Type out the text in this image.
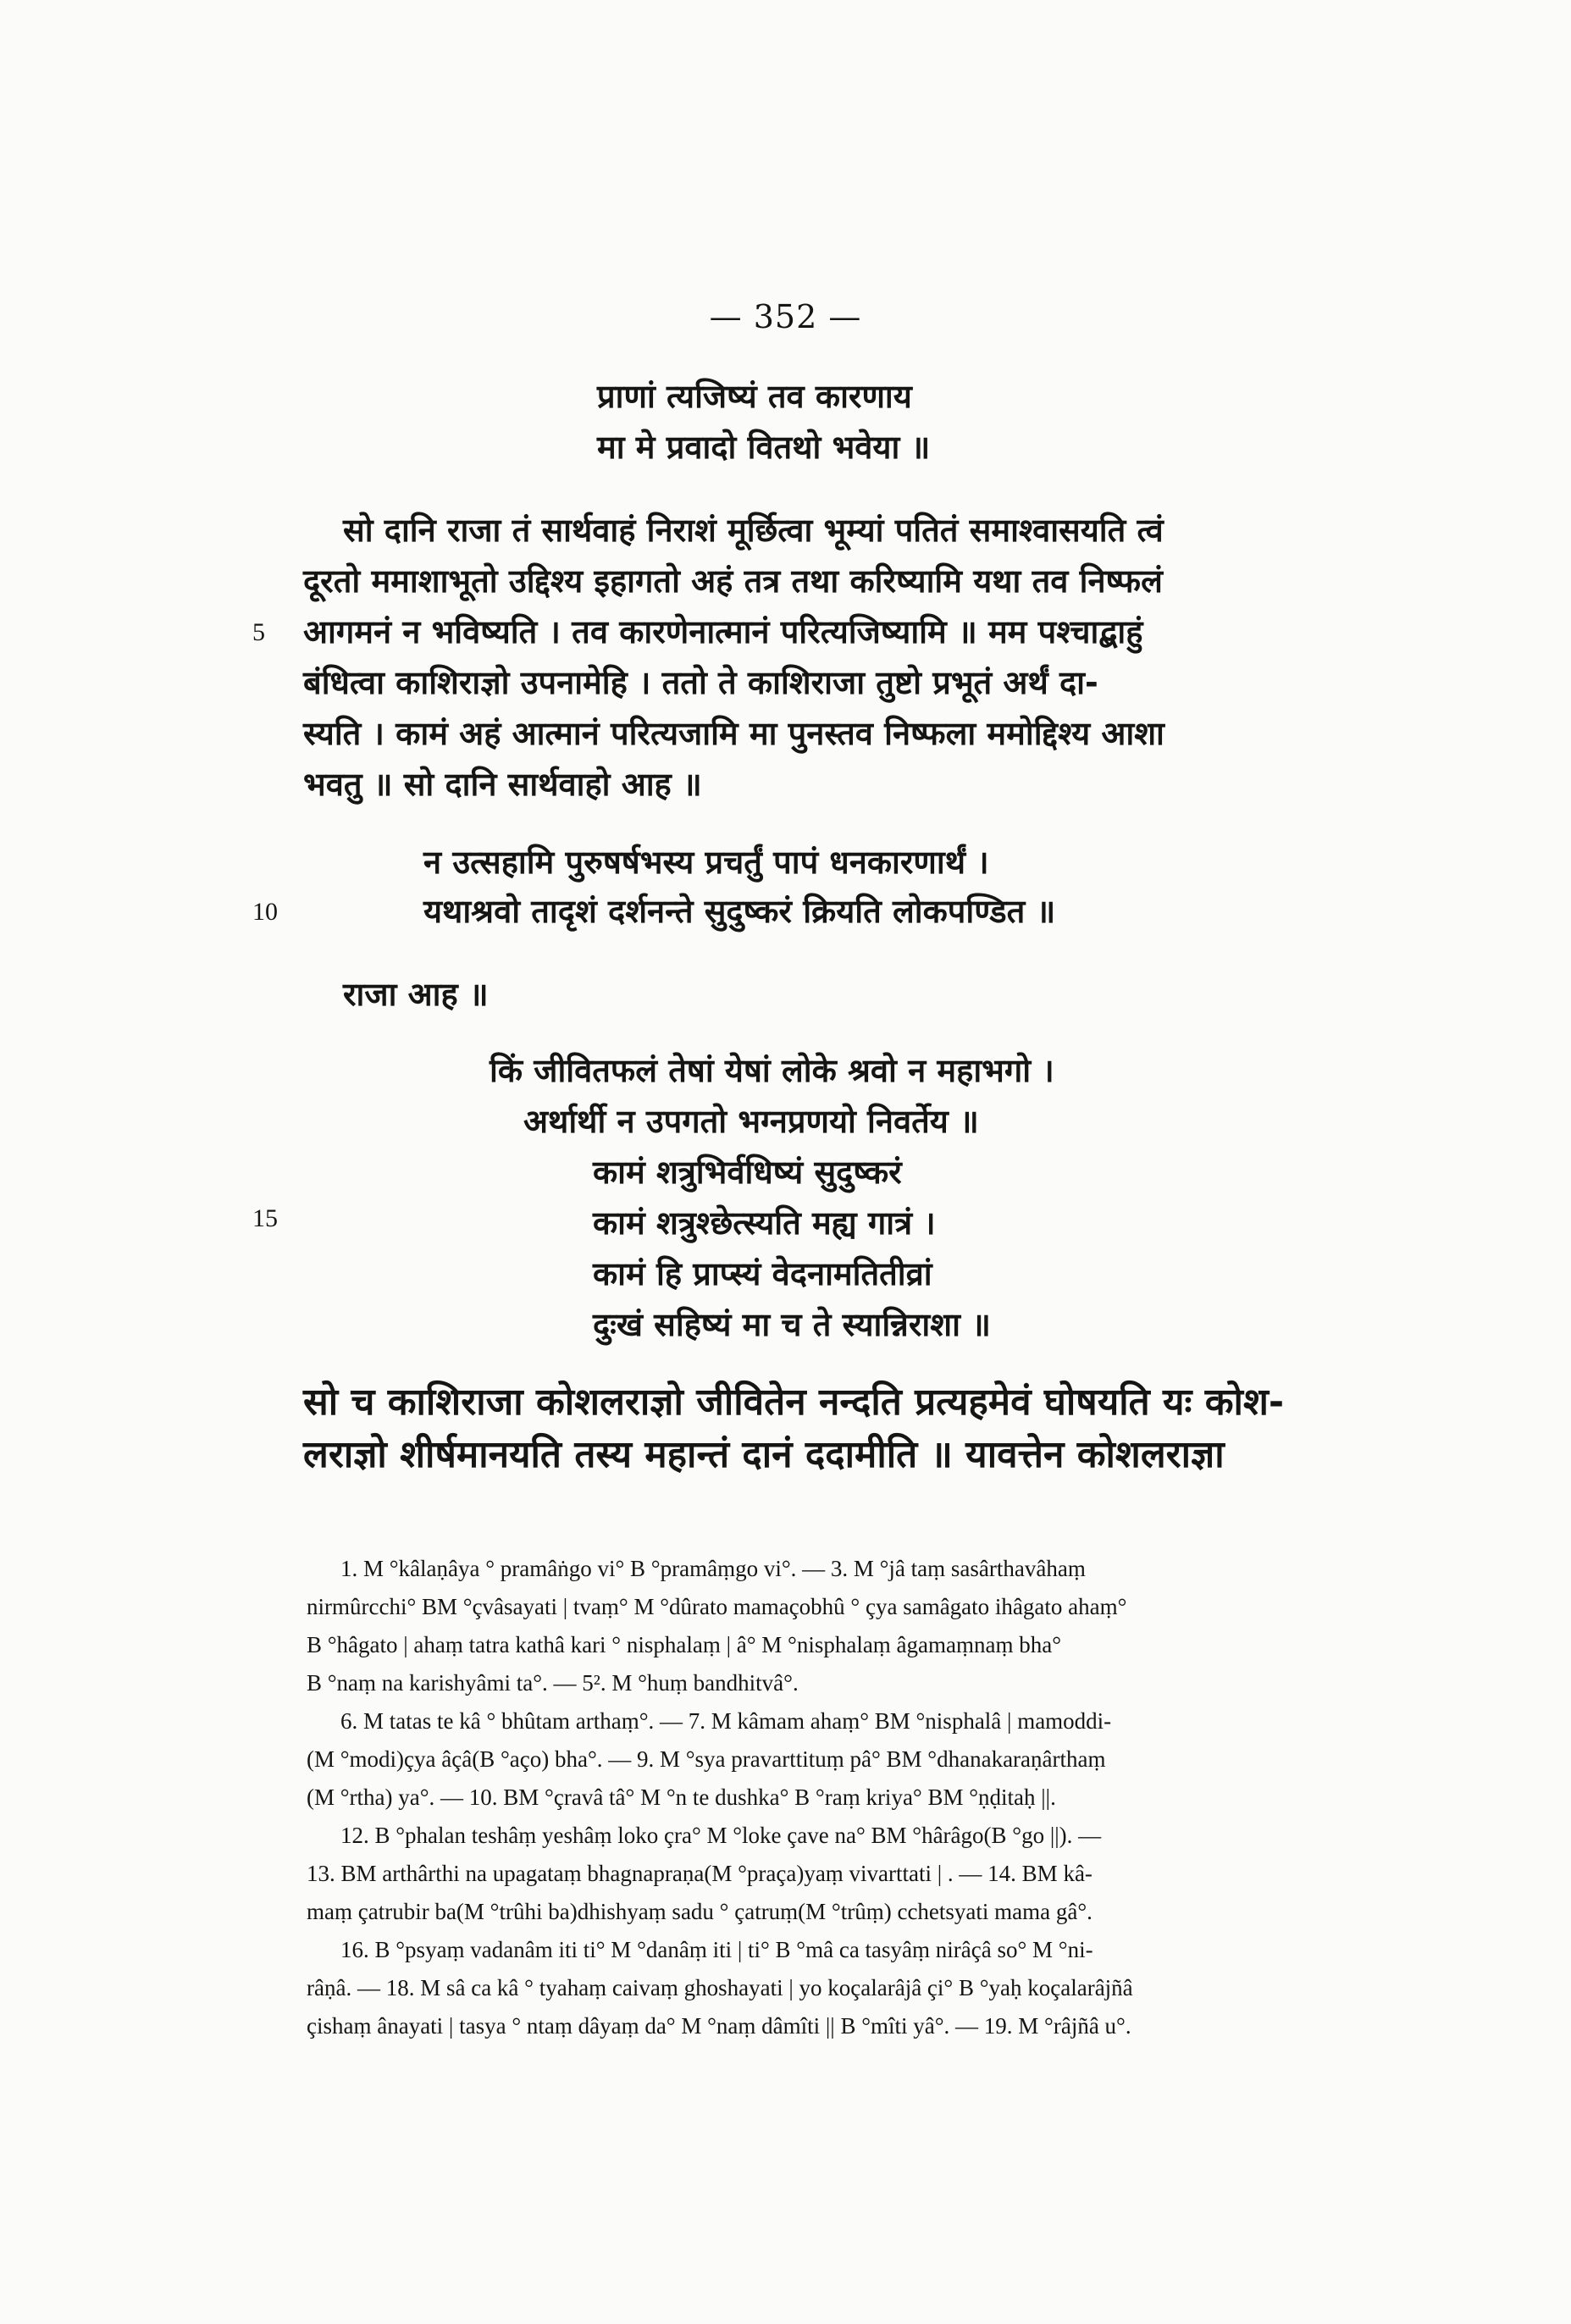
— 352 —
प्राणां त्यजिष्यं तव कारणाय
मा मे प्रवादो वितथो भवेया ॥
सो दानि राजा तं सार्थवाहं निराशं मूर्छित्वा भूम्यां पतितं समाश्वासयति त्वं
दूरतो ममाशाभूतो उद्दिश्य इहागतो अहं तत्र तथा करिष्यामि यथा तव निष्फलं
आगमनं न भविष्यति । तव कारणेनात्मानं परित्यजिष्यामि ॥ मम पश्चाद्बाहुं
बंधित्वा काशिराज्ञो उपनामेहि । ततो ते काशिराजा तुष्टो प्रभूतं अर्थं दा-
स्यति । कामं अहं आत्मानं परित्यजामि मा पुनस्तव निष्फला ममोद्दिश्य आशा
भवतु ॥ सो दानि सार्थवाहो आह ॥
न उत्सहामि पुरुषर्षभस्य प्रचर्तुं पापं धनकारणार्थं ।
यथाश्रवो तादृशं दर्शनन्ते सुदुष्करं क्रियति लोकपण्डित ॥
राजा आह ॥
किं जीवितफलं तेषां येषां लोके श्रवो न महाभगो ।
अर्थार्थी न उपगतो भग्नप्रणयो निवर्तेय ॥
कामं शत्रुभिर्वधिष्यं सुदुष्करं
कामं शत्रुश्छेत्स्यति मह्य गात्रं ।
कामं हि प्राप्स्यं वेदनामतितीव्रां
दुःखं सहिष्यं मा च ते स्यान्निराशा ॥
सो च काशिराजा कोशलराज्ञो जीवितेन नन्दति प्रत्यहमेवं घोषयति यः कोश-
लराज्ञो शीर्षमानयति तस्य महान्तं दानं ददामीति ॥ यावत्तेन कोशलराज्ञा
5
10
15

1. M °kâlaṇâya ° pramâṅgo vi° B °pramâṃgo vi°. — 3. M °jâ taṃ sasârthavâhaṃ

nirmûrcchi° BM °çvâsayati | tvaṃ° M °dûrato mamaçobhû ° çya samâgato ihâgato ahaṃ°

B °hâgato | ahaṃ tatra kathâ kari ° nisphalaṃ | â° M °nisphalaṃ âgamaṃnaṃ bha°

B °naṃ na karishyâmi ta°. — 5². M °huṃ bandhitvâ°.

6. M tatas te kâ ° bhûtam arthaṃ°. — 7. M kâmam ahaṃ° BM °nisphalâ | mamoddi-

(M °modi)çya âçâ(B °aço) bha°. — 9. M °sya pravarttituṃ pâ° BM °dhanakaraṇârthaṃ

(M °rtha) ya°. — 10. BM °çravâ tâ° M °n te dushka° B °raṃ kriya° BM °ṇḍitaḥ ||.

12. B °phalan teshâṃ yeshâṃ loko çra° M °loke çave na° BM °hârâgo(B °go ||). —

13. BM arthârthi na upagataṃ bhagnapraṇa(M °praça)yaṃ vivarttati | . — 14. BM kâ-

maṃ çatrubir ba(M °trûhi ba)dhishyaṃ sadu ° çatruṃ(M °trûṃ) cchetsyati mama gâ°.

16. B °psyaṃ vadanâm iti ti° M °danâṃ iti | ti° B °mâ ca tasyâṃ nirâçâ so° M °ni-

râṇâ. — 18. M sâ ca kâ ° tyahaṃ caivaṃ ghoshayati | yo koçalarâjâ çi° B °yaḥ koçalarâjñâ

çishaṃ ânayati | tasya ° ntaṃ dâyaṃ da° M °naṃ dâmîti || B °mîti yâ°. — 19. M °râjñâ u°.
